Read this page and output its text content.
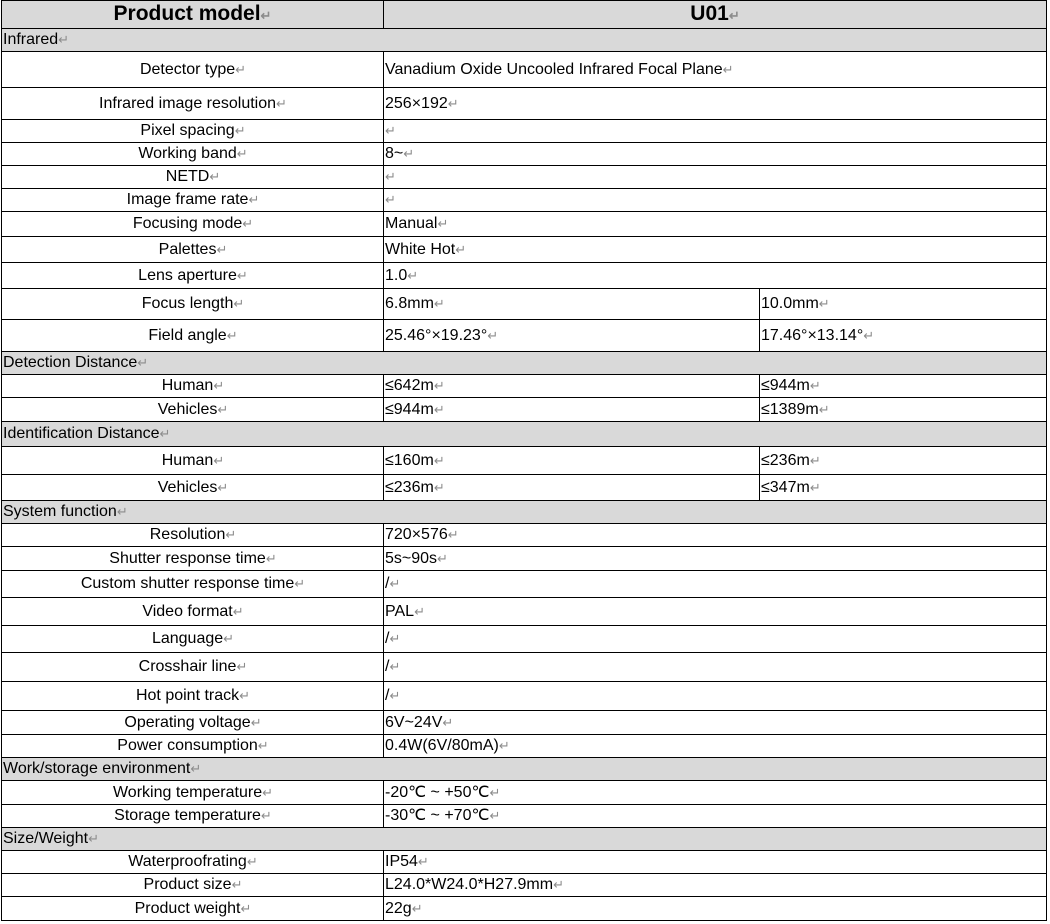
Product model↵	U01↵	
Infrared↵		
Detector type↵	Vanadium Oxide Uncooled Infrared Focal Plane↵	
Infrared image resolution↵	256×192↵	
Pixel spacing↵	↵	
Working band↵	8~↵	
NETD↵	↵	
Image frame rate↵	↵	
Focusing mode↵	Manual↵	
Palettes↵	White Hot↵	
Lens aperture↵	1.0↵	
Focus length↵	6.8mm↵	10.0mm↵
Field angle↵	25.46°×19.23°↵	17.46°×13.14°↵
Detection Distance↵		
Human↵	≤642m↵	≤944m↵
Vehicles↵	≤944m↵	≤1389m↵
Identification Distance↵		
Human↵	≤160m↵	≤236m↵
Vehicles↵	≤236m↵	≤347m↵
System function↵		
Resolution↵	720×576↵	
Shutter response time↵	5s~90s↵	
Custom shutter response time↵	/↵	
Video format↵	PAL↵	
Language↵	/↵	
Crosshair line↵	/↵	
Hot point track↵	/↵	
Operating voltage↵	6V~24V↵	
Power consumption↵	0.4W(6V/80mA)↵	
Work/storage environment↵		
Working temperature↵	-20℃ ~ +50℃↵	
Storage temperature↵	-30℃ ~ +70℃↵	
Size/Weight↵		
Waterproofrating↵	IP54↵	
Product size↵	L24.0*W24.0*H27.9mm↵	
Product weight↵	22g↵	
